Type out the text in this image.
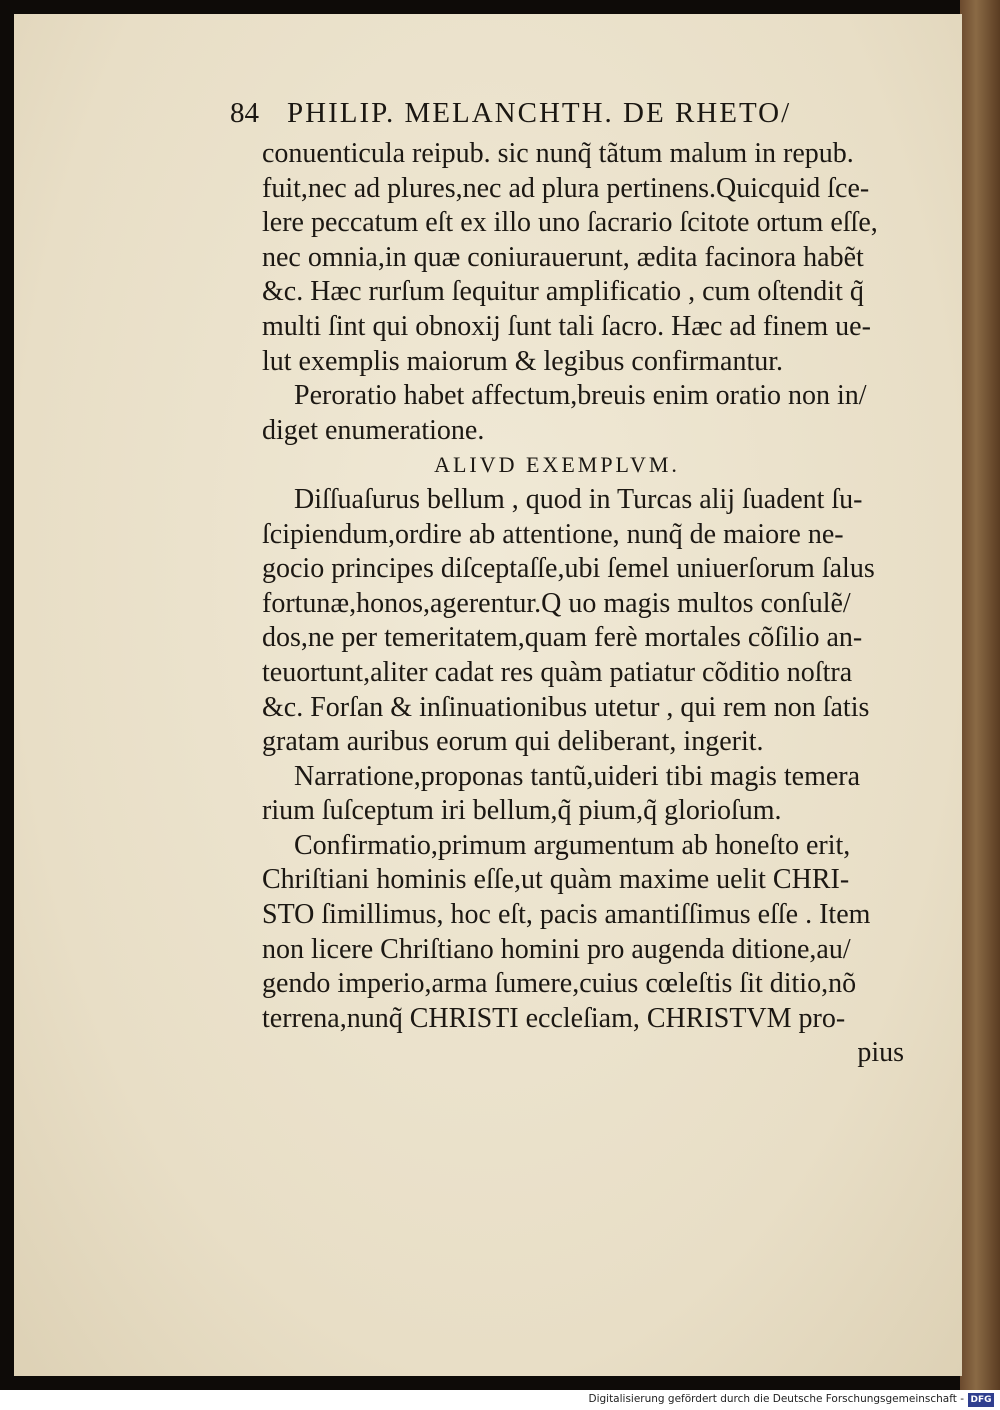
84 PHILIP. MELANCHTH. DE RHETO/
conuenticula reipub. sic nunq̃ tãtum malum in repub.
fuit,nec ad plures,nec ad plura pertinens.Quicquid ſce-
lere peccatum eſt ex illo uno ſacrario ſcitote ortum eſſe,
nec omnia,in quæ coniurauerunt, ædita facinora habẽt
&c. Hæc rurſum ſequitur amplificatio , cum oſtendit q̃
multi ſint qui obnoxij ſunt tali ſacro. Hæc ad finem ue-
lut exemplis maiorum & legibus confirmantur.
Peroratio habet affectum,breuis enim oratio non in/
diget enumeratione.
ALIVD EXEMPLVM.
Diſſuaſurus bellum , quod in Turcas alij ſuadent ſu-
ſcipiendum,ordire ab attentione, nunq̃ de maiore ne-
gocio principes diſceptaſſe,ubi ſemel uniuerſorum ſalus
fortunæ,honos,agerentur.Q uo magis multos conſulẽ/
dos,ne per temeritatem,quam ferè mortales cõſilio an-
teuortunt,aliter cadat res quàm patiatur cõditio noſtra
&c. Forſan & inſinuationibus utetur , qui rem non ſatis
gratam auribus eorum qui deliberant, ingerit.
Narratione,proponas tantũ,uideri tibi magis temera
rium ſuſceptum iri bellum,q̃ pium,q̃ glorioſum.
Confirmatio,primum argumentum ab honeſto erit,
Chriſtiani hominis eſſe,ut quàm maxime uelit CHRI-
STO ſimillimus, hoc eſt, pacis amantiſſimus eſſe . Item
non licere Chriſtiano homini pro augenda ditione,au/
gendo imperio,arma ſumere,cuius cœleſtis ſit ditio,nõ
terrena,nunq̃ CHRISTI eccleſiam, CHRISTVM pro-
pius
Digitalisierung gefördert durch die Deutsche Forschungsgemeinschaft - DFG
